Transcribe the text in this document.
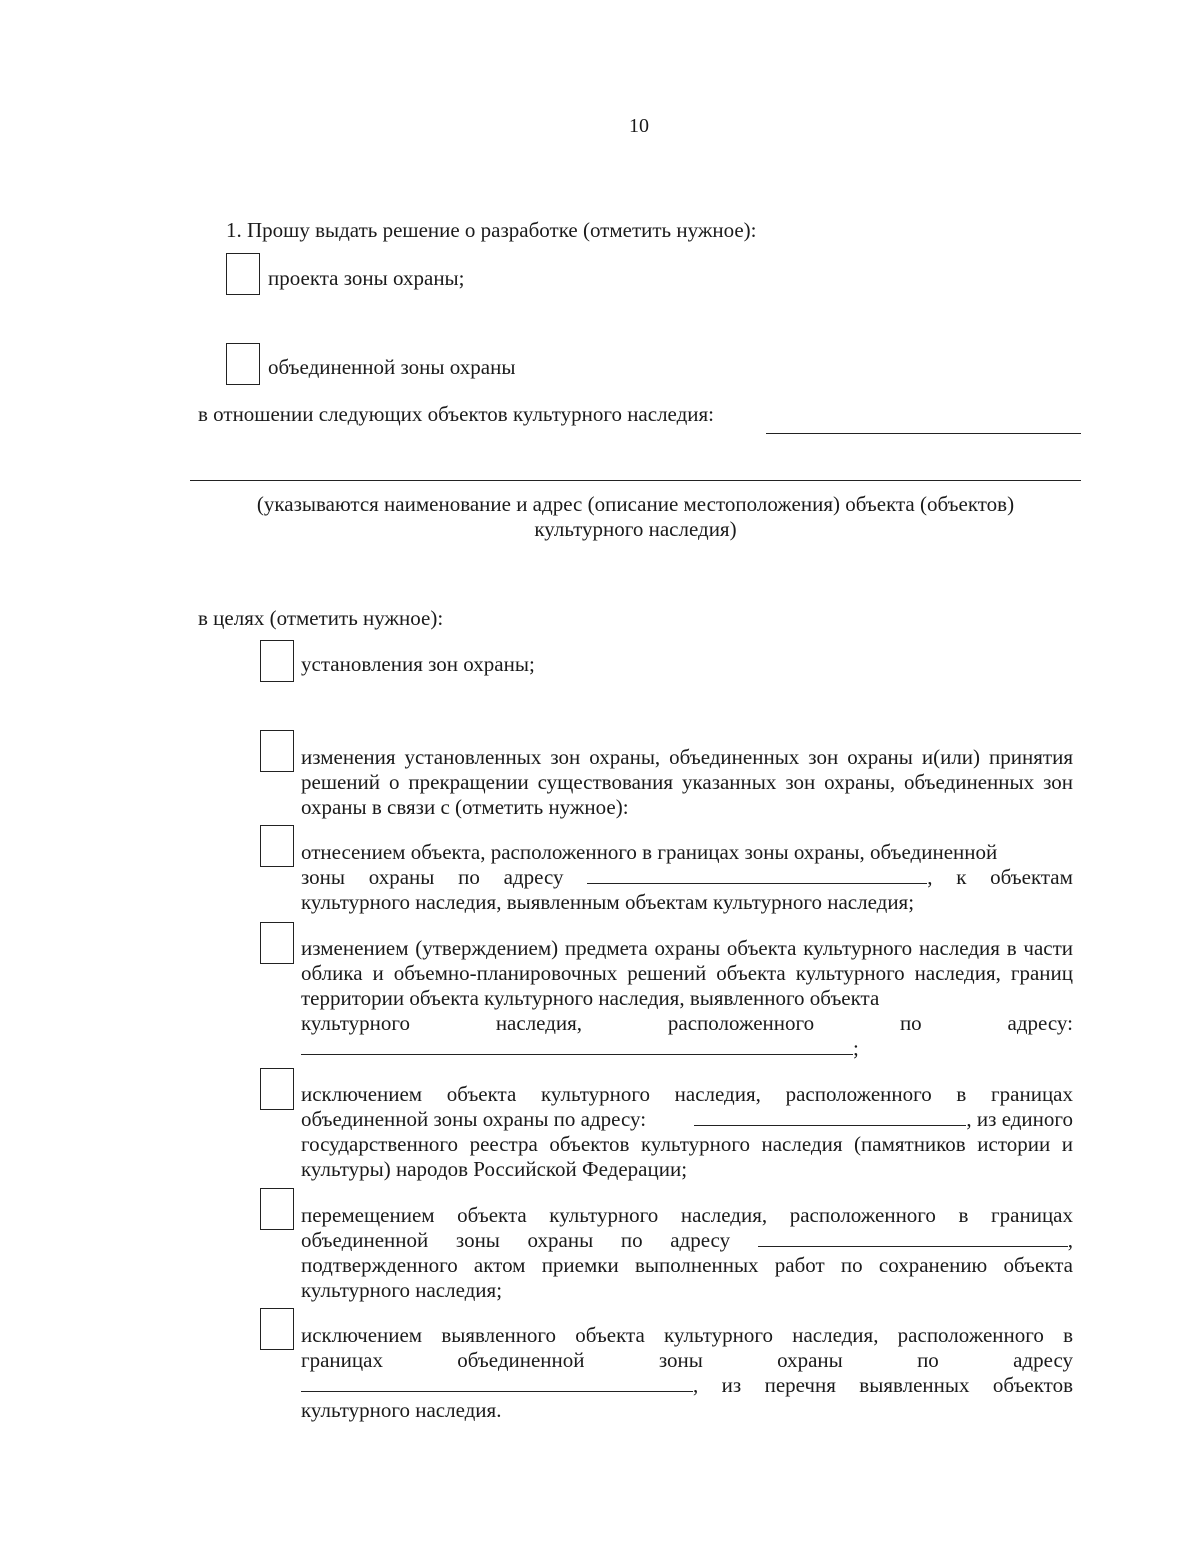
10
1. Прошу выдать решение о разработке (отметить нужное):
проекта зоны охраны;
объединенной зоны охраны
в отношении следующих объектов культурного наследия:
(указываются наименование и адрес (описание местоположения) объекта (объектов)
культурного наследия)
в целях (отметить нужное):
установления зон охраны;
изменения установленных зон охраны, объединенных зон охраны и(или) принятия решений о прекращении существования указанных зон охраны, объединенных зон охраны в связи с (отметить нужное):
отнесением объекта, расположенного в границах зоны охраны, объединенной
зоны охраны по адресу	, к объектам
культурного наследия, выявленным объектам культурного наследия;
изменением (утверждением) предмета охраны объекта культурного наследия в части облика и объемно-планировочных решений объекта культурного наследия, границ территории объекта культурного наследия, выявленного объекта
культурного	наследия,	расположенного	по	адресу:
;
исключением объекта культурного наследия, расположенного в границах
объединенной зоны охраны по адресу:	, из единого
государственного реестра объектов культурного наследия (памятников истории и культуры) народов Российской Федерации;
перемещением объекта культурного наследия, расположенного в границах
объединенной зоны охраны по адресу	,
подтвержденного актом приемки выполненных работ по сохранению объекта культурного наследия;
исключением выявленного объекта культурного наследия, расположенного в
границах	объединенной	зоны	охраны	по	адресу
, из перечня выявленных объектов
культурного наследия.
